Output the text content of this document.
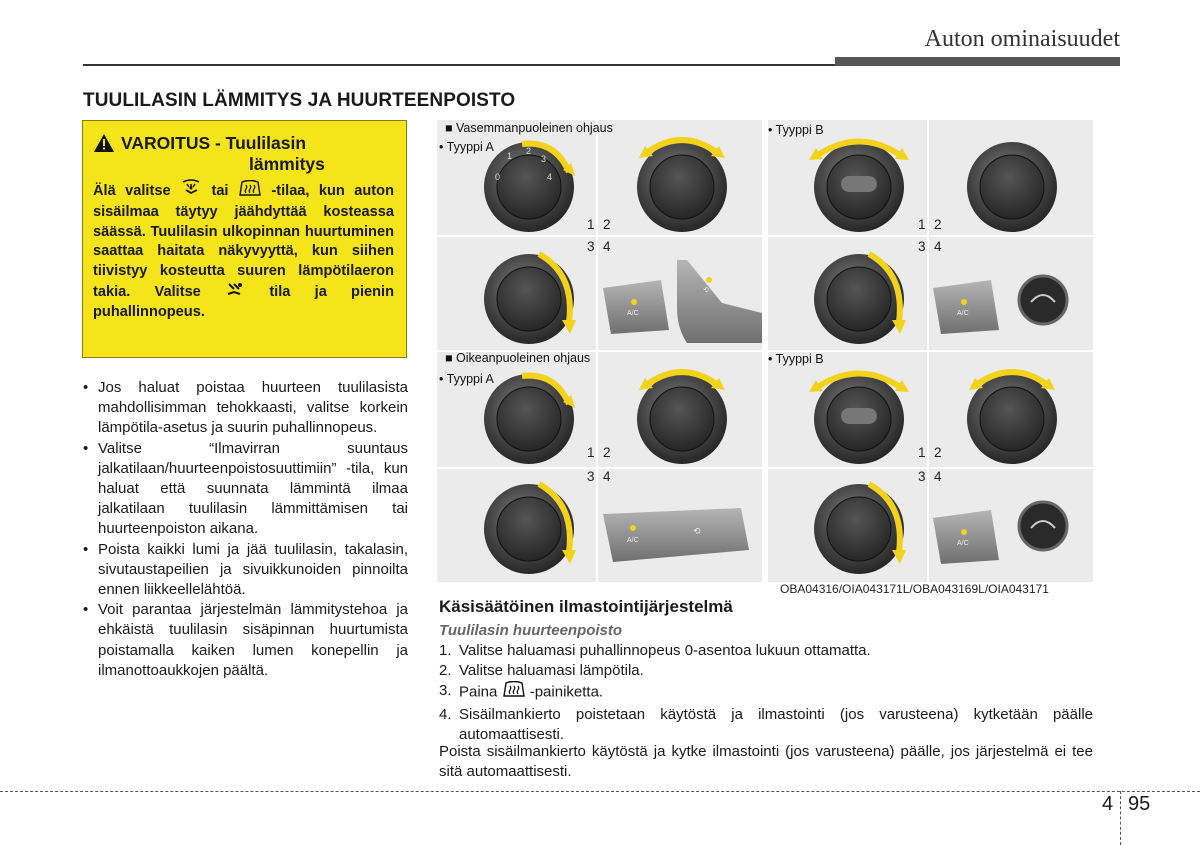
Auton ominaisuudet
TUULILASIN LÄMMITYS JA HUURTEENPOISTO
VAROITUS - Tuulilasin
lämmitys
Älä valitse	tai	-tilaa, kun auton sisäilmaa täytyy jäähdyttää kosteassa säässä. Tuulilasin ulkopinnan huurtuminen saattaa haitata näkyvyyttä, kun siihen tiivistyy kosteutta suuren lämpötilaeron takia. Valitse	tila ja pienin puhallinnopeus.
• Jos haluat poistaa huurteen tuulilasista mahdollisimman tehokkaasti, valitse korkein lämpötila-asetus ja suurin puhallinnopeus.
• Valitse “Ilmavirran suuntaus jalkatilaan/huurteenpoistosuuttimiin” -tila, kun haluat että suunnata lämmintä ilmaa jalkatilaan tuulilasin lämmittämisen tai huurteenpoiston aikana.
• Poista kaikki lumi ja jää tuulilasin, takalasin, sivutaustapeilien ja sivuikkunoiden pinnoilta ennen liikkeellelähtöä.
• Voit parantaa järjestelmän lämmitystehoa ja ehkäistä tuulilasin sisäpinnan huurtumista poistamalla kaiken lumen konepellin ja ilmanottoaukkojen päältä.
■ Vasemmanpuoleinen ohjaus
• Tyyppi A
• Tyyppi B
■ Oikeanpuoleinen ohjaus
• Tyyppi A
• Tyyppi B
1 2
3 4
1 2
3 4
1 2
3 4
1 2
3 4
0
1 2
3
4
A/C
⟲
A/C
A/C
⟲
A/C
OBA04316/OIA043171L/OBA043169L/OIA043171
Käsisäätöinen ilmastointijärjestelmä
Tuulilasin huurteenpoisto
1. Valitse haluamasi puhallinnopeus 0-asentoa lukuun ottamatta.
2. Valitse haluamasi lämpötila.
3. Paina -painiketta.
4. Sisäilmankierto poistetaan käytöstä ja ilmastointi (jos varusteena) kytketään päälle automaattisesti.
Poista sisäilmankierto käytöstä ja kytke ilmastointi (jos varusteena) päälle, jos järjestelmä ei tee sitä automaattisesti.
4 95
